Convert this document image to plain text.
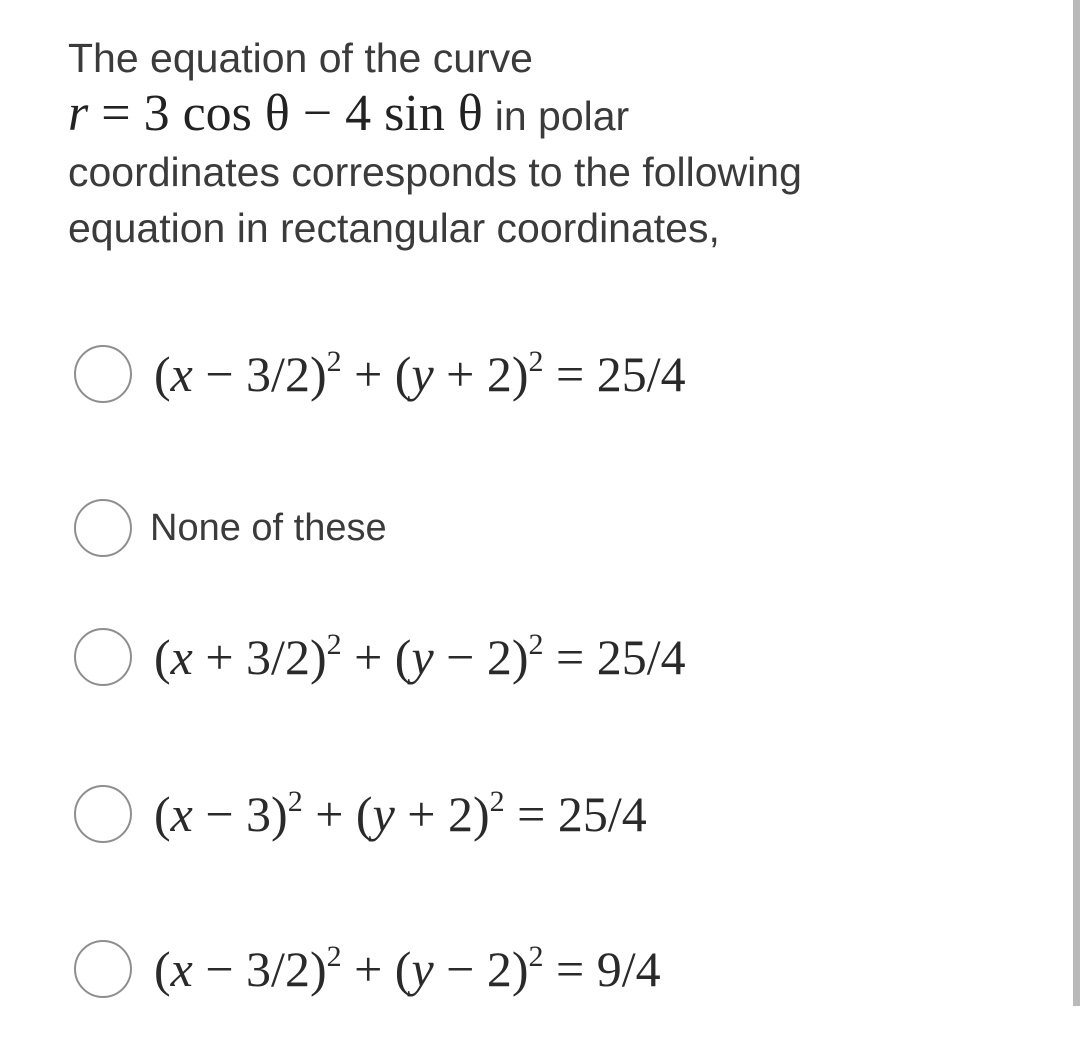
The equation of the curve
r = 3 cos θ − 4 sin θ in polar
coordinates corresponds to the following
equation in rectangular coordinates,
$(x - 3/2)^2 + (y + 2)^2 = 25/4$
None of these
$(x + 3/2)^2 + (y - 2)^2 = 25/4$
$(x - 3)^2 + (y + 2)^2 = 25/4$
$(x - 3/2)^2 + (y - 2)^2 = 9/4$
